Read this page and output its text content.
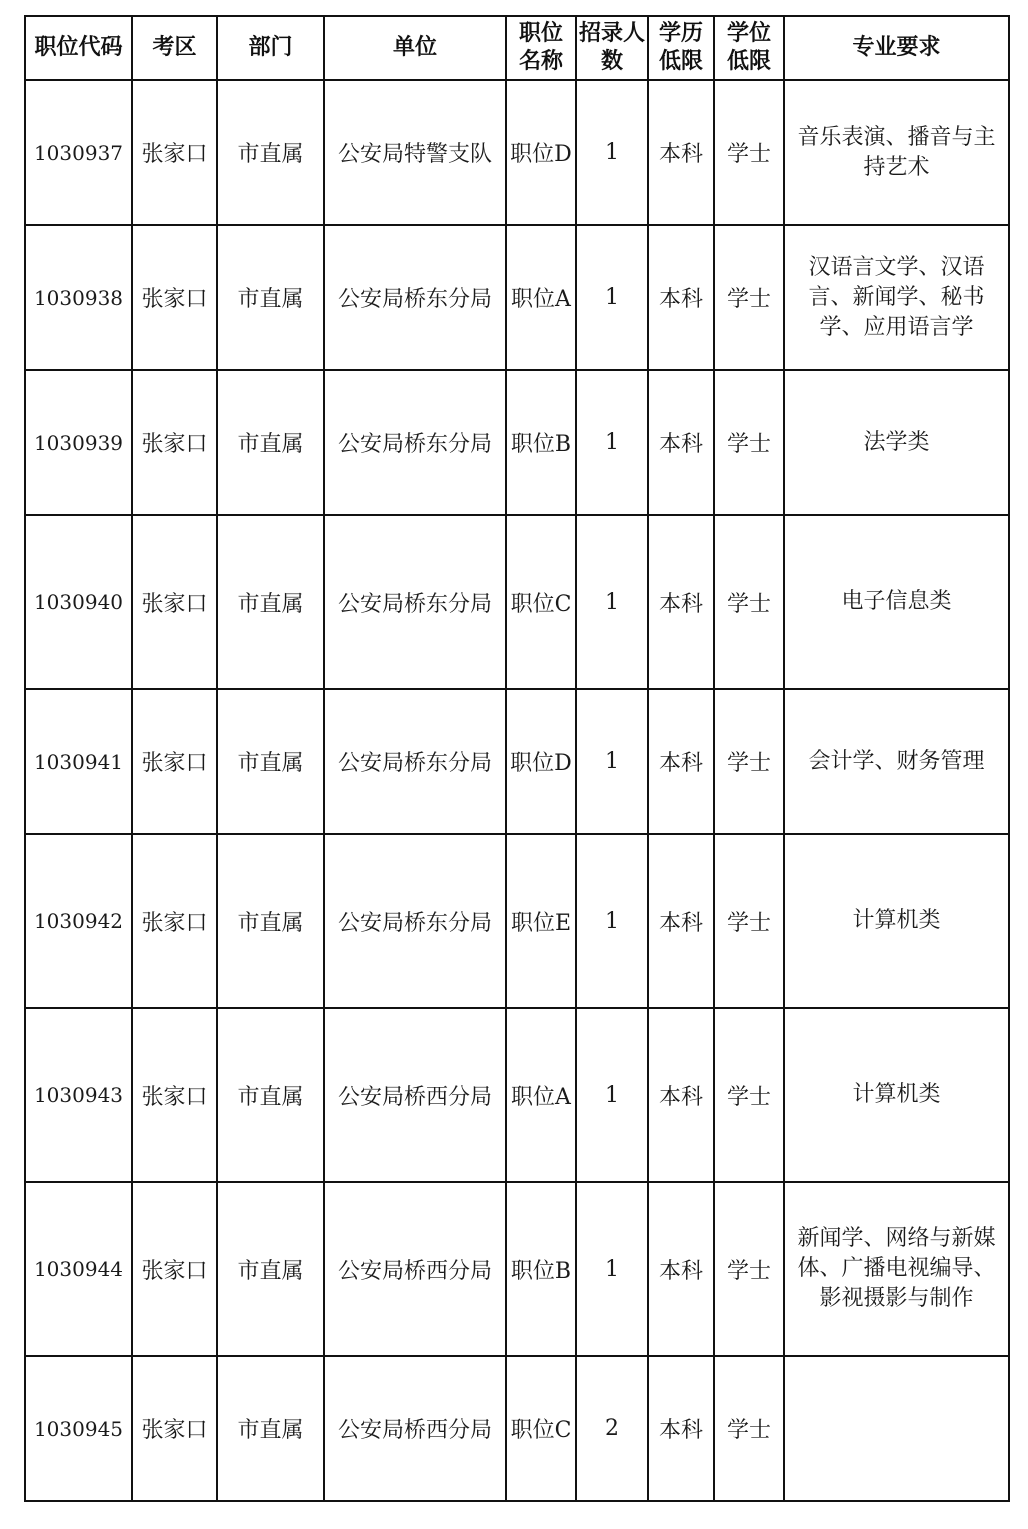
职位代码	考区	部门	单位	职位名称	招录人数	学历低限	学位低限	专业要求
1030937	张家口	市直属	公安局特警支队	职位D	1	本科	学士	音乐表演、播音与主持艺术
1030938	张家口	市直属	公安局桥东分局	职位A	1	本科	学士	汉语言文学、汉语言、新闻学、秘书学、应用语言学
1030939	张家口	市直属	公安局桥东分局	职位B	1	本科	学士	法学类
1030940	张家口	市直属	公安局桥东分局	职位C	1	本科	学士	电子信息类
1030941	张家口	市直属	公安局桥东分局	职位D	1	本科	学士	会计学、财务管理
1030942	张家口	市直属	公安局桥东分局	职位E	1	本科	学士	计算机类
1030943	张家口	市直属	公安局桥西分局	职位A	1	本科	学士	计算机类
1030944	张家口	市直属	公安局桥西分局	职位B	1	本科	学士	新闻学、网络与新媒体、广播电视编导、影视摄影与制作
1030945	张家口	市直属	公安局桥西分局	职位C	2	本科	学士	
